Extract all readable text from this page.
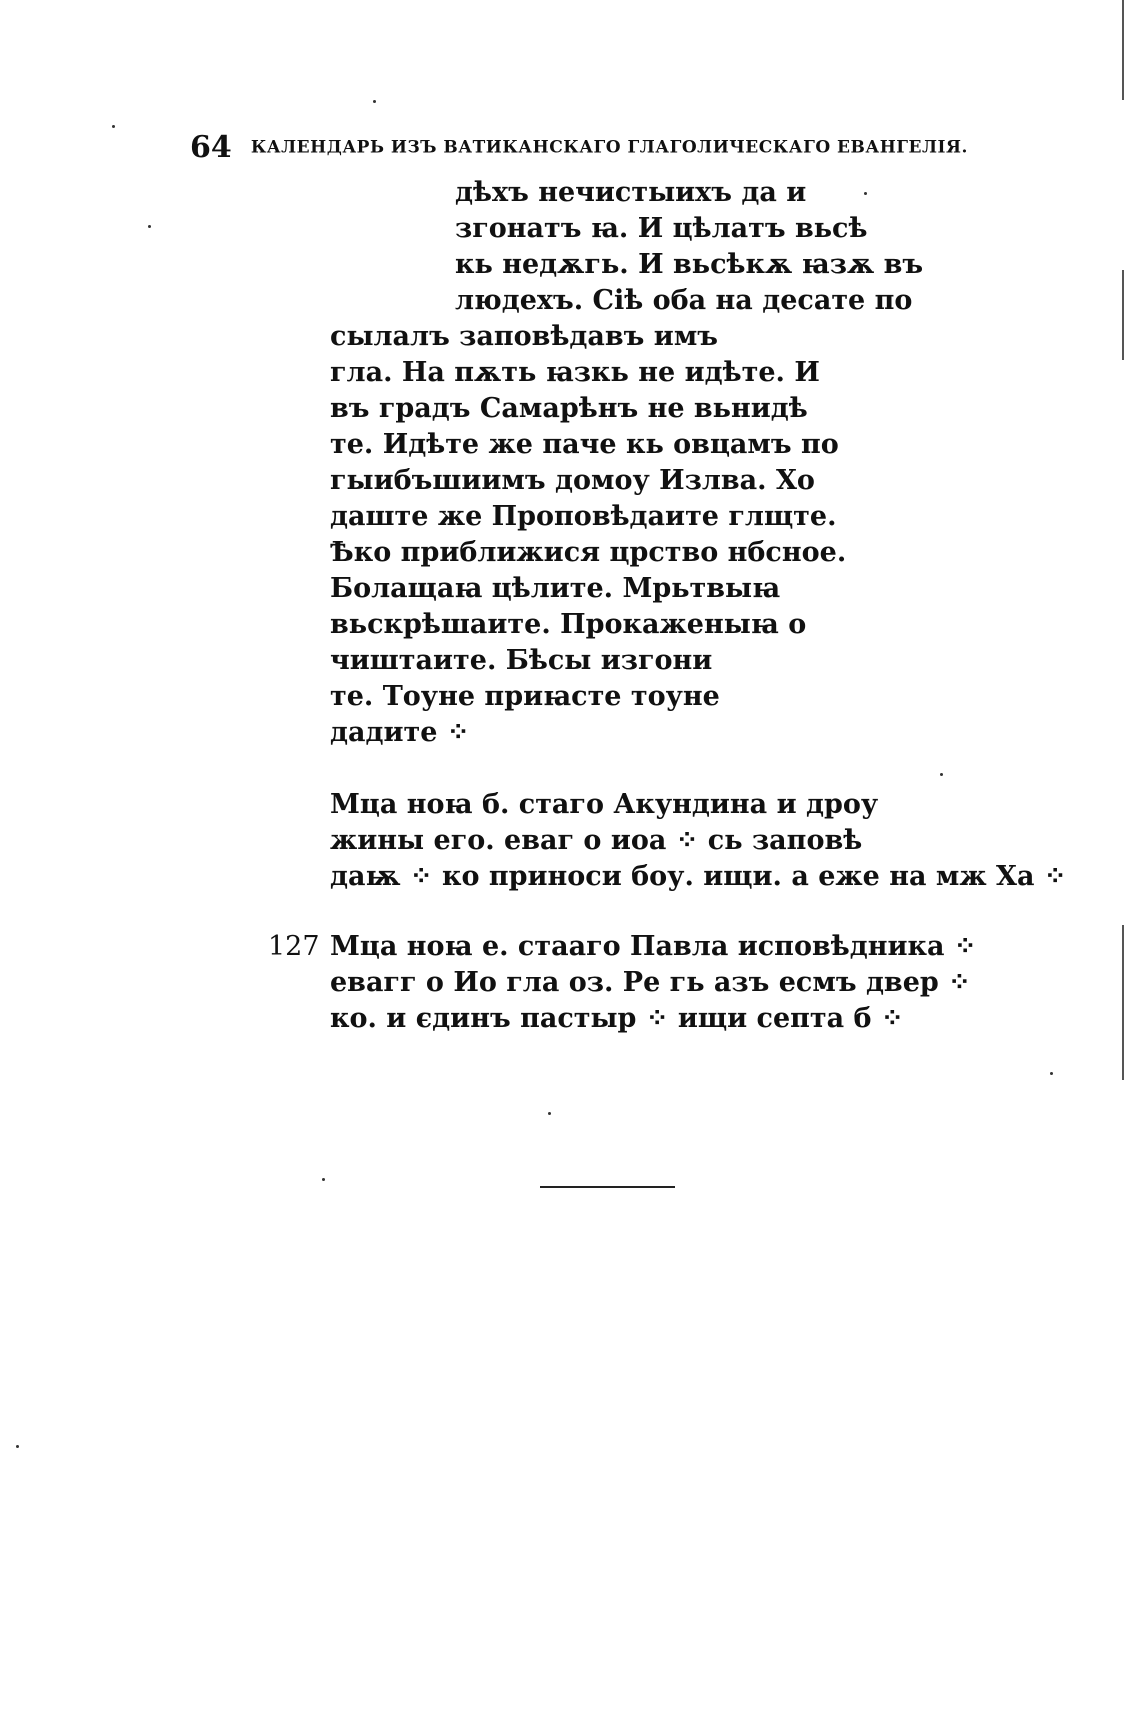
64 КАЛЕНДАРЬ ИЗЪ ВАТИКАНСКАГО ГЛАГОЛИЧЕСКАГО ЕВАНГЕЛІЯ.
дѣхъ нечистыихъ да и
згонатъ ꙗ. И цѣлатъ вьсѣ
кь недѫгь. И вьсѣкѫ ꙗзѫ въ
людехъ. Сіѣ оба на десате по
сылалъ заповѣдавъ имъ
гла. На пѫть ꙗзкь не идѣте. И
въ градъ Самарѣнъ не вьнидѣ
те. Идѣте же паче кь овцамъ по
гыибъшиимъ домоу Излва. Хо
даште же Проповѣдаите глщте.
Ѣко приближися црство нбсное.
Болащаꙗ цѣлите. Мрьтвыꙗ
вьскрѣшаите. Прокаженыꙗ о
чиштаите. Бѣсы изгони
те. Тоуне приꙗсте тоуне
дадите ⁘
Мца ноꙗ б. стаго Акундина и дроу
жины его. еваг о иоа ⁘ сь заповѣ
даѭ ⁘ ко приноси боу. ищи. а еже на мж Ха ⁘
127 Мца ноꙗ е. стааго Павла исповѣдника ⁘
евагг о Ио гла оз. Ре гь азъ есмъ двер ⁘
ко. и єдинъ пастыр ⁘ ищи септа б ⁘
